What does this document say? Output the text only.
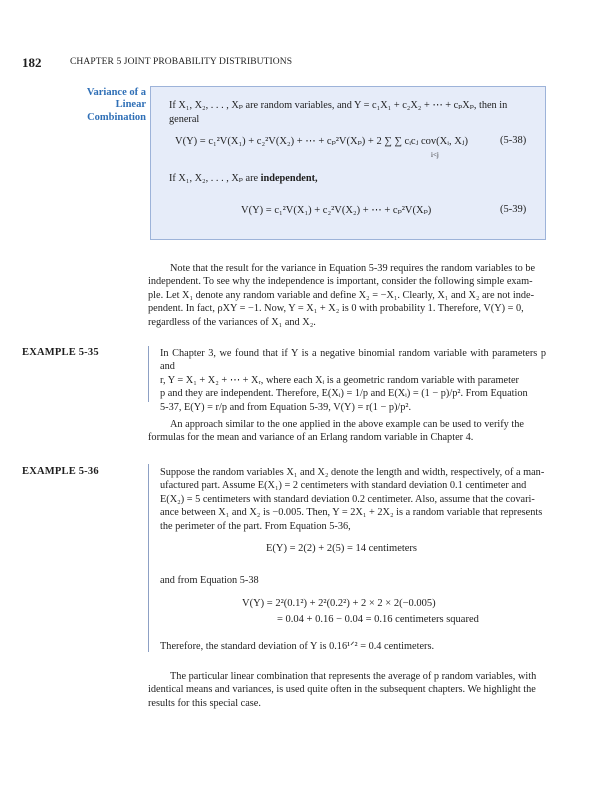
182	CHAPTER 5 JOINT PROBABILITY DISTRIBUTIONS
Variance of a
Linear
Combination
If X₁, X₂, . . . , Xₚ are random variables, and Y = c₁X₁ + c₂X₂ + ⋯ + cₚXₚ, then in
general
V(Y) = c₁²V(X₁) + c₂²V(X₂) + ⋯ + cₚ²V(Xₚ) + 2 ∑ ∑ cᵢcⱼ cov(Xᵢ, Xⱼ)
i<j
(5-38)
If X₁, X₂, . . . , Xₚ are independent,
V(Y) = c₁²V(X₁) + c₂²V(X₂) + ⋯ + cₚ²V(Xₚ)	(5-39)
Note that the result for the variance in Equation 5-39 requires the random variables to be
independent. To see why the independence is important, consider the following simple exam-
ple. Let X₁ denote any random variable and define X₂ = −X₁. Clearly, X₁ and X₂ are not inde-
pendent. In fact, ρXY = −1. Now, Y = X₁ + X₂ is 0 with probability 1. Therefore, V(Y) = 0,
regardless of the variances of X₁ and X₂.
EXAMPLE 5-35	In Chapter 3, we found that if Y is a negative binomial random variable with parameters p and
r, Y = X₁ + X₂ + ⋯ + Xᵣ, where each Xᵢ is a geometric random variable with parameter
p and they are independent. Therefore, E(Xᵢ) = 1/p and E(Xᵢ) = (1 − p)/p². From Equation
5-37, E(Y) = r/p and from Equation 5-39, V(Y) = r(1 − p)/p².
An approach similar to the one applied in the above example can be used to verify the
formulas for the mean and variance of an Erlang random variable in Chapter 4.
EXAMPLE 5-36	Suppose the random variables X₁ and X₂ denote the length and width, respectively, of a man-
ufactured part. Assume E(X₁) = 2 centimeters with standard deviation 0.1 centimeter and
E(X₂) = 5 centimeters with standard deviation 0.2 centimeter. Also, assume that the covari-
ance between X₁ and X₂ is −0.005. Then, Y = 2X₁ + 2X₂ is a random variable that represents
the perimeter of the part. From Equation 5-36,
E(Y) = 2(2) + 2(5) = 14 centimeters
and from Equation 5-38
V(Y) = 2²(0.1²) + 2²(0.2²) + 2 × 2 × 2(−0.005)
= 0.04 + 0.16 − 0.04 = 0.16 centimeters squared
Therefore, the standard deviation of Y is 0.16¹ᐟ² = 0.4 centimeters.
The particular linear combination that represents the average of p random variables, with
identical means and variances, is used quite often in the subsequent chapters. We highlight the
results for this special case.
